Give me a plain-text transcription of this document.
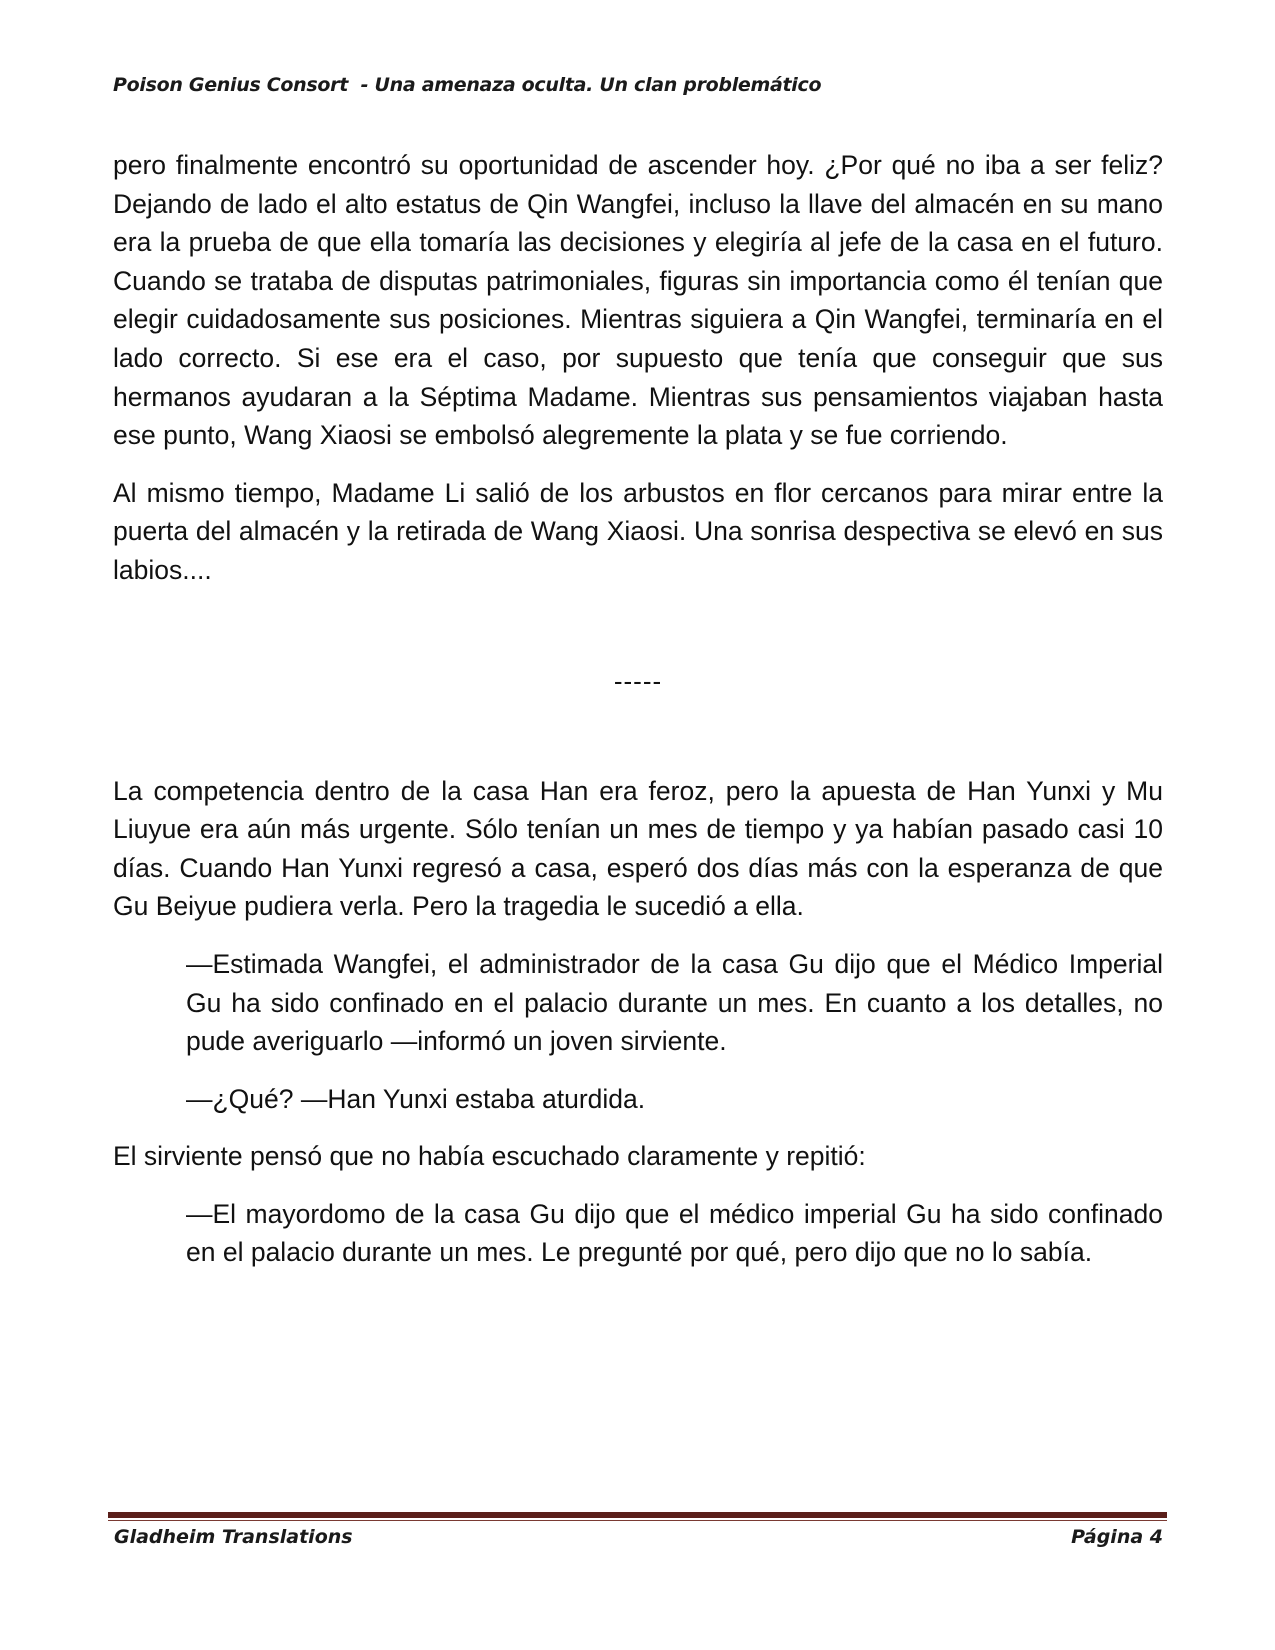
Poison Genius Consort  - Una amenaza oculta. Un clan problemático

pero finalmente encontró su oportunidad de ascender hoy. ¿Por qué no iba a ser feliz? Dejando de lado el alto estatus de Qin Wangfei, incluso la llave del almacén en su mano era la prueba de que ella tomaría las decisiones y elegiría al jefe de la casa en el futuro. Cuando se trataba de disputas patrimoniales, figuras sin importancia como él tenían que elegir cuidadosamente sus posiciones. Mientras siguiera a Qin Wangfei, terminaría en el lado correcto. Si ese era el caso, por supuesto que tenía que conseguir que sus hermanos ayudaran a la Séptima Madame. Mientras sus pensamientos viajaban hasta ese punto, Wang Xiaosi se embolsó alegremente la plata y se fue corriendo.

Al mismo tiempo, Madame Li salió de los arbustos en flor cercanos para mirar entre la puerta del almacén y la retirada de Wang Xiaosi. Una sonrisa despectiva se elevó en sus labios....

-----

La competencia dentro de la casa Han era feroz, pero la apuesta de Han Yunxi y Mu Liuyue era aún más urgente. Sólo tenían un mes de tiempo y ya habían pasado casi 10 días. Cuando Han Yunxi regresó a casa, esperó dos días más con la esperanza de que Gu Beiyue pudiera verla. Pero la tragedia le sucedió a ella.

—Estimada Wangfei, el administrador de la casa Gu dijo que el Médico Imperial Gu ha sido confinado en el palacio durante un mes. En cuanto a los detalles, no pude averiguarlo —informó un joven sirviente.

—¿Qué? —Han Yunxi estaba aturdida.

El sirviente pensó que no había escuchado claramente y repitió:

—El mayordomo de la casa Gu dijo que el médico imperial Gu ha sido confinado en el palacio durante un mes. Le pregunté por qué, pero dijo que no lo sabía.

Gladheim Translations	Página 4
